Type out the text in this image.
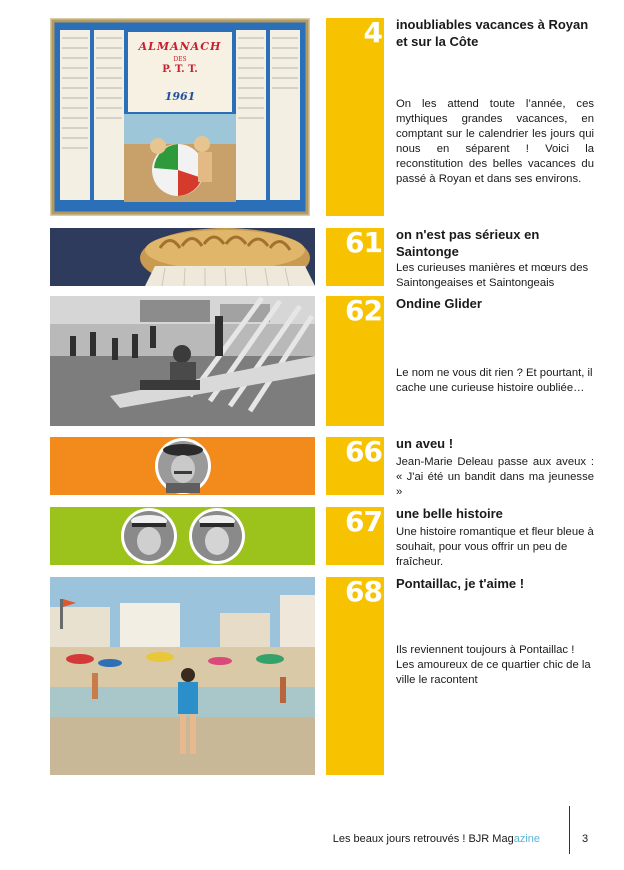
ALMANACH
DES
P. T. T.
1961
4 inoubliables vacances à Royan et sur la Côte
On les attend toute l’année, ces mythiques grandes vacances, en comptant sur le calendrier les jours qui nous en séparent ! Voici la reconstitution des belles vacances du passé à Royan et dans ses environs.
61 on n'est pas sérieux en Saintonge
Les curieuses manières et mœurs des Saintongeaises et Saintongeais
62 Ondine Glider
Le nom ne vous dit rien ? Et pourtant, il cache une curieuse histoire oubliée…
66 un aveu !
Jean-Marie Deleau passe aux aveux : « J'ai été un bandit dans ma jeunesse »
67 une belle histoire
Une histoire romantique et fleur bleue à souhait, pour vous offrir un peu de fraîcheur.
68 Pontaillac, je t'aime !
Ils reviennent toujours à Pontaillac ! Les amoureux de ce quartier chic de la ville le racontent
Les beaux jours retrouvés ! BJR Magazine	3
